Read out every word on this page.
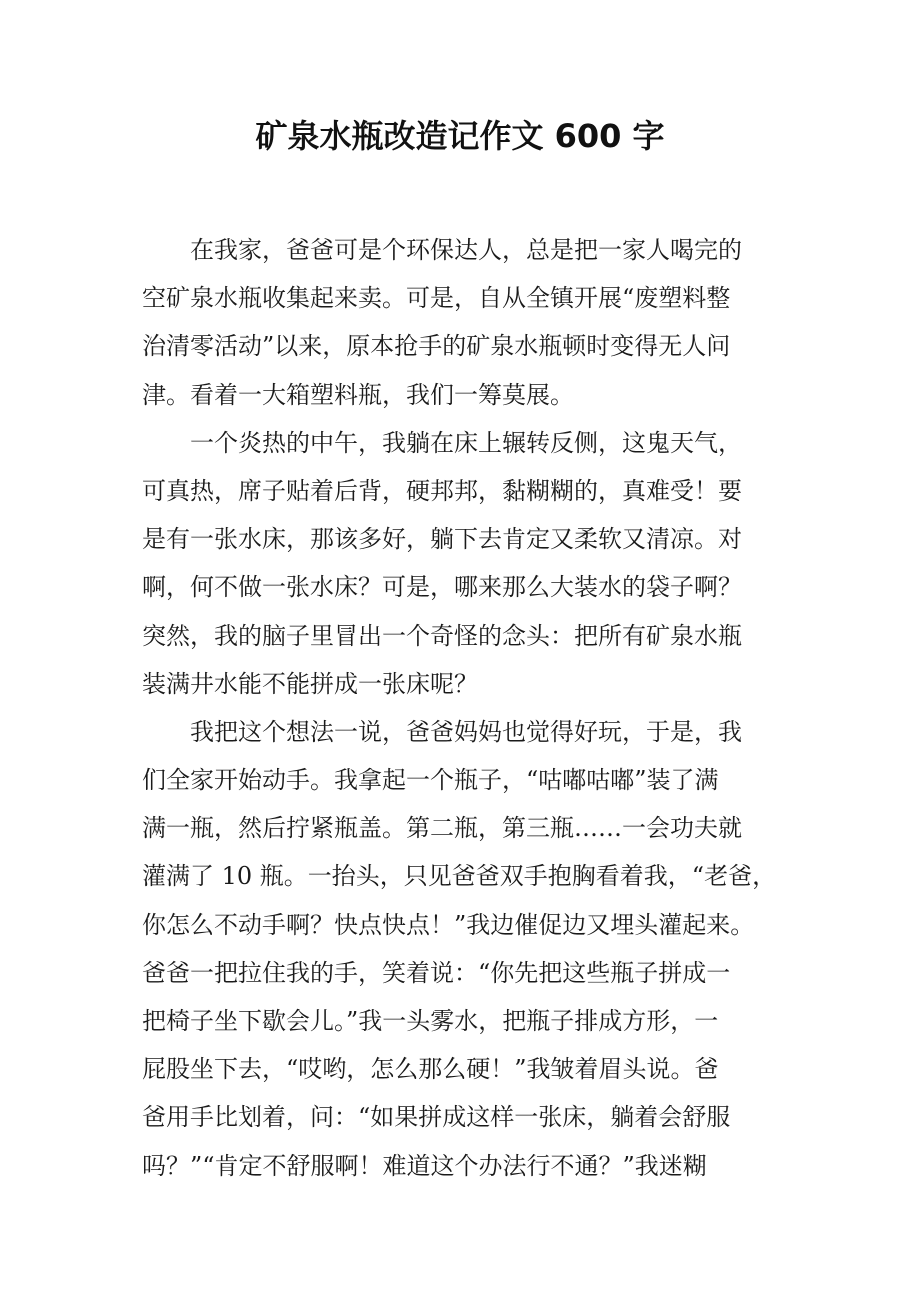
矿泉水瓶改造记作文 600 字
在我家，爸爸可是个环保达人，总是把一家人喝完的
空矿泉水瓶收集起来卖。可是，自从全镇开展“废塑料整
治清零活动”以来，原本抢手的矿泉水瓶顿时变得无人问
津。看着一大箱塑料瓶，我们一筹莫展。
一个炎热的中午，我躺在床上辗转反侧，这鬼天气，
可真热，席子贴着后背，硬邦邦，黏糊糊的，真难受！要
是有一张水床，那该多好，躺下去肯定又柔软又清凉。对
啊，何不做一张水床？可是，哪来那么大装水的袋子啊？
突然，我的脑子里冒出一个奇怪的念头：把所有矿泉水瓶
装满井水能不能拼成一张床呢？
我把这个想法一说，爸爸妈妈也觉得好玩，于是，我
们全家开始动手。我拿起一个瓶子，“咕嘟咕嘟”装了满
满一瓶，然后拧紧瓶盖。第二瓶，第三瓶……一会功夫就
灌满了 10 瓶。一抬头，只见爸爸双手抱胸看着我，“老爸，
你怎么不动手啊？快点快点！”我边催促边又埋头灌起来。
爸爸一把拉住我的手，笑着说：“你先把这些瓶子拼成一
把椅子坐下歇会儿。”我一头雾水，把瓶子排成方形，一
屁股坐下去，“哎哟，怎么那么硬！”我皱着眉头说。爸
爸用手比划着，问：“如果拼成这样一张床，躺着会舒服
吗？”“肯定不舒服啊！难道这个办法行不通？”我迷糊
